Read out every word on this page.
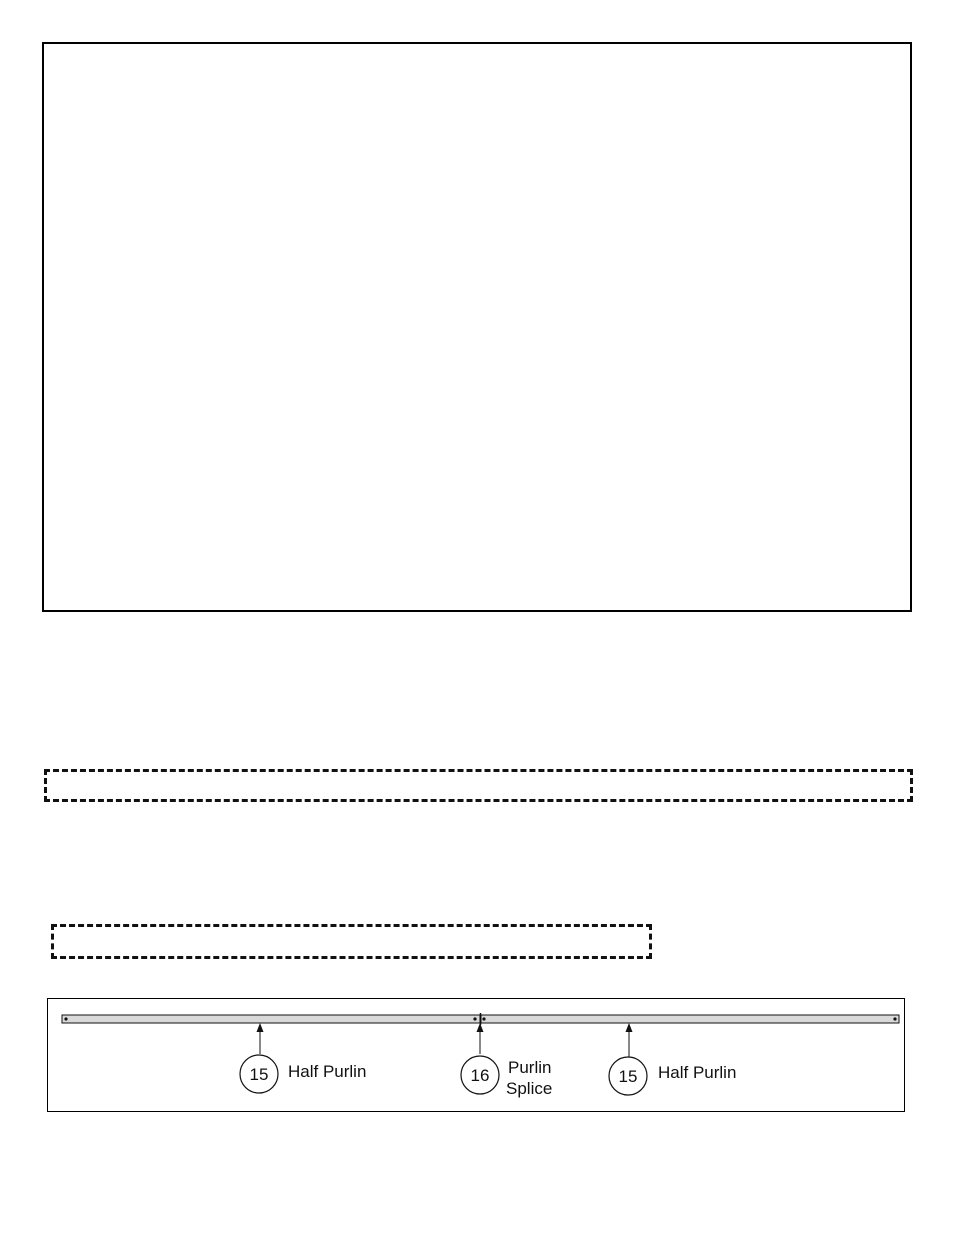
15	16	15
Half Purlin	Purlin
Splice
Half Purlin
